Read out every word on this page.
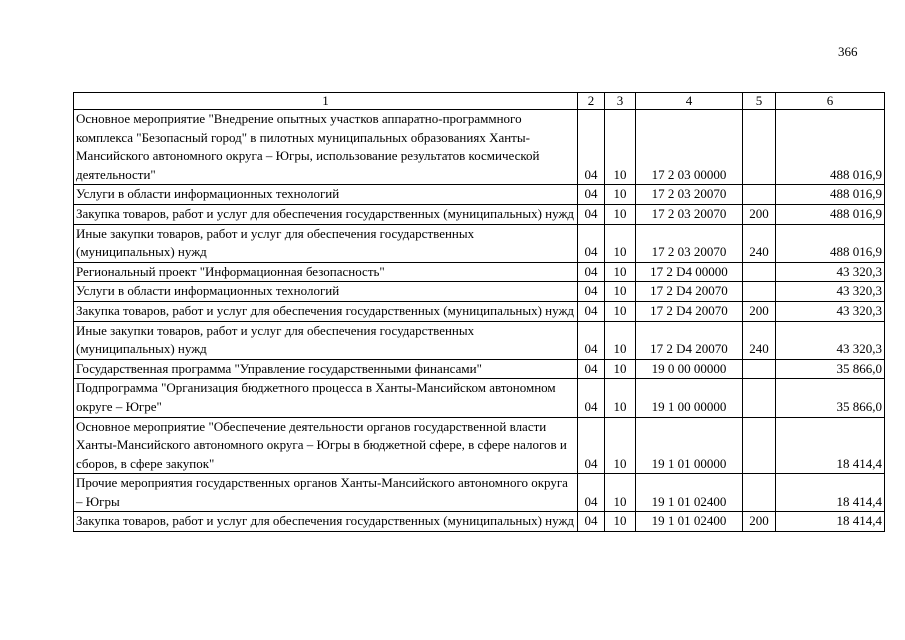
366
1	2	3	4	5	6
Основное мероприятие "Внедрение опытных участков аппаратно-программного комплекса "Безопасный город" в пилотных муниципальных образованиях Ханты-Мансийского автономного округа – Югры, использование результатов космической деятельности"	04	10	17 2 03 00000		488 016,9
Услуги в области информационных технологий	04	10	17 2 03 20070		488 016,9
Закупка товаров, работ и услуг для обеспечения государственных (муниципальных) нужд	04	10	17 2 03 20070	200	488 016,9
Иные закупки товаров, работ и услуг для обеспечения государственных (муниципальных) нужд	04	10	17 2 03 20070	240	488 016,9
Региональный проект "Информационная безопасность"	04	10	17 2 D4 00000		43 320,3
Услуги в области информационных технологий	04	10	17 2 D4 20070		43 320,3
Закупка товаров, работ и услуг для обеспечения государственных (муниципальных) нужд	04	10	17 2 D4 20070	200	43 320,3
Иные закупки товаров, работ и услуг для обеспечения государственных (муниципальных) нужд	04	10	17 2 D4 20070	240	43 320,3
Государственная программа "Управление государственными финансами"	04	10	19 0 00 00000		35 866,0
Подпрограмма "Организация бюджетного процесса в Ханты-Мансийском автономном округе – Югре"	04	10	19 1 00 00000		35 866,0
Основное мероприятие "Обеспечение деятельности органов государственной власти Ханты-Мансийского автономного округа – Югры в бюджетной сфере, в сфере налогов и сборов, в сфере закупок"	04	10	19 1 01 00000		18 414,4
Прочие мероприятия государственных органов Ханты-Мансийского автономного округа – Югры	04	10	19 1 01 02400		18 414,4
Закупка товаров, работ и услуг для обеспечения государственных (муниципальных) нужд	04	10	19 1 01 02400	200	18 414,4
